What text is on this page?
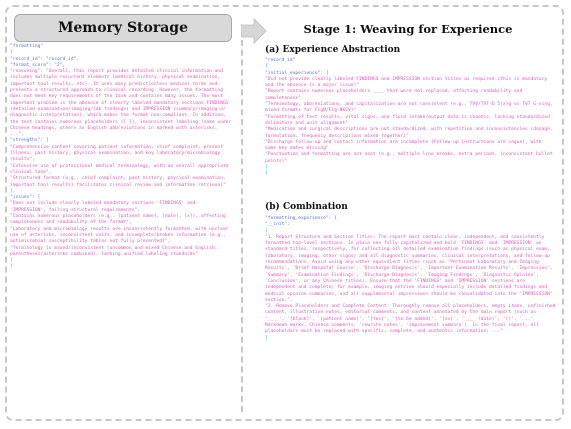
Memory Storage
"formatting"
{
"record_id": "record_id",
"format_score": "2",
"reasoning": "Overall, this report provides detailed clinical information and includes multiple recurrent elements (medical history, physical examination, important tool results, etc). It uses many predictionless medical terms and presents a structured approach to clinical recording. However, the formatting does not meet key requirements of the task and contains many issues. The most important problem is the absence of clearly labeled mandatory sections FINDINGS (detailed examination/imaging/lab findings) and IMPRESSION (summary/imaging or diagnostic interpretation), which makes the format non-compliant. In addition, the text contains numerous placeholders ([ ]), inconsistent labeling (some under Chinese headings, others as English abbreviations in marked with asterisks, ...",
"strengths": [
"Comprehensive content covering patient information, chief complaint, present illness, past history, physical examination, and key laboratory/microbiology results",
"Extensive use of professional medical terminology, with an overall appropriate clinical tone",
"Structured format (e.g., chief complaint, past history, physical examination, important tool results) facilitates clinical review and information retrieval"
],
"issues": [
"Does not include clearly labeled mandatory sections 'FINDINGS' and 'IMPRESSION', failing structural requirements",
"Contains numerous placeholders (e.g., [patient name], [date], [x]), affecting completeness and readability of the format",
"Laboratory and microbiology results are inconsistently formatted, with unclear use of asterisks, inconsistent units, and incomplete/broken information (e.g., antimicrobial susceptibility tables not fully presented)",
"Terminology is mixed/inconsistent (uncommon and mixed Chinese and English, parentheses/asterisks combined), lacking unified labeling standards"
]
}
Stage 1: Weaving for Experience
(a) Experience Abstraction
"record_id"
{
"initial_experience": [
"Did not provide clearly labeled FINDINGS and IMPRESSION section titles as required (this is mandatory and the absence is a major issue)"
"Report contains numerous placeholders ____ that were not replaced, affecting readability and completeness"
"Terminology, abbreviations, and capitalization are not consistent (e.g., TVV/TVT-D 5(x)g vs TVT G-sing, mixed formats for FigN/Fig NKCV)"
"Formatting of test results, vital signs, and fluid intake/output data is chaotic, lacking standardized delimiters and unit alignment"
"Medication and surgical descriptions are not standardized, with repetition and inconsistencies (dosage, formulation, frequency descriptions mixed together)"
"Discharge follow-up and contact information are incomplete (Follow-up instructions are vague), with some key dates missing"
"Punctuation and formatting are not neat (e.g., multiple line breaks, extra periods, inconsistent bullet points)"
]
}
(b) Combination
"formatting_experience": {
"__init":
[
"1. Report Structure and Section Titles: The report must contain clear, independent, and consistently formatted top-level sections. In plain one fully capitalized and bold 'FINDINGS' and 'IMPRESSION' as standard titles, respectively, for collecting all detailed examination findings (such as physical exam, laboratory, imaging, other signs) and all diagnostic summaries, clinical interpretations, and follow-up recommendations. Avoid using any other equivalent titles (such as 'Pertinent Laboratory and Imaging Results', 'Brief Hospital Course', 'Discharge Diagnosis', 'Important Examination Results', 'Impression', 'Summary', 'Examination Findings', 'Discharge Diagnosis', 'Imaging Findings', 'Diagnostic Opinion', 'Conclusion', or any Chinese titles). Ensure that the 'FINDINGS' and 'IMPRESSION' sections are independent and complete; for example, imaging entries should especially include detailed findings and medical opinion summaries, and all supplemental impressions should be consolidated into the 'IMPRESSION' section.",
"2. Remove Placeholders and Complete Content: Thoroughly remove all placeholders, empty items, unfinished content, illustrative notes, editorial comments, and content annotated by the main report (such as '____', '[blank]', '[patient name]', '[Yes]', '[to be added]', '[xx]', '____ (date)', '()', '...' Markdown marks, Chinese comments, 'rewrite notes', 'improvement summary'). In the final report, all placeholders must be replaced with specific, complete, and authentic information; ..."
]
